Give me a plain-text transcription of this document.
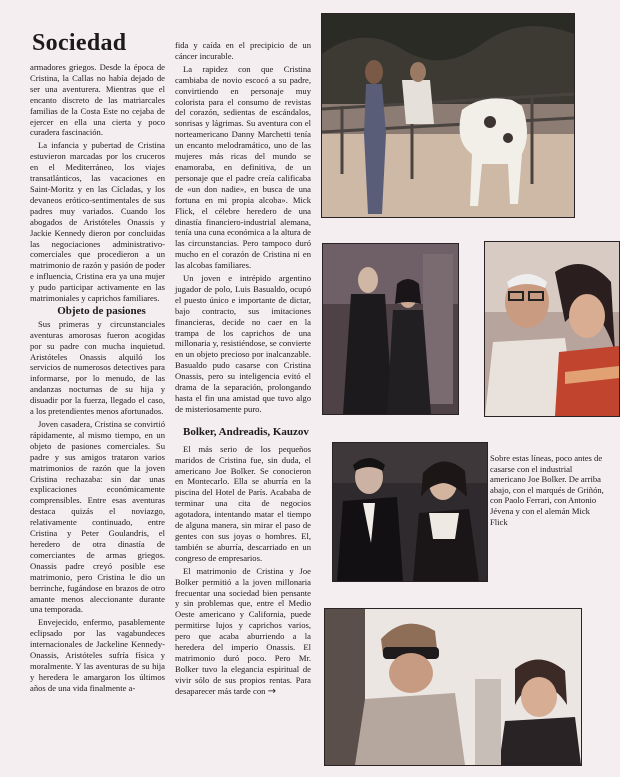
Sociedad

armadores griegos. Desde la época de Cristina, la Callas no había dejado de ser una aventurera. Mientras que el encanto discreto de las matriarcales familias de la Costa Este no cejaba de ejercer en ella una cierta y poco curadera fascinación.

La infancia y pubertad de Cristina estuvieron marcadas por los cruceros en el Mediterráneo, los viajes transatlánticos, las vacaciones en Saint-Moritz y en las Cícladas, y los devaneos erótico-sentimentales de sus padres muy variados. Cuando los abogados de Aristóteles Onassis y Jackie Kennedy dieron por concluidas las negociaciones administrativo-comerciales que procedieron a un matrimonio de razón y pasión de poder e influencia, Cristina era ya una mujer y pudo participar activamente en las matrimoniales y caprichos familiares.

Objeto de pasiones

Sus primeras y circunstanciales aventuras amorosas fueron acogidas por su padre con mucha inquietud. Aristóteles Onassis alquiló los servicios de numerosos detectives para informarse, por lo menudo, de las andanzas nocturnas de su hija y disuadir por la fuerza, llegado el caso, a los pretendientes menos afortunados.

Joven casadera, Cristina se convirtió rápidamente, al mismo tiempo, en un objeto de pasiones comerciales. Su padre y sus amigos trataron varios matrimonios de razón que la joven Cristina rechazaba: sin dar unas explicaciones económicamente comprensibles. Entre esas aventuras destaca quizás el noviazgo, relativamente continuado, entre Cristina y Peter Goulandris, el heredero de otra dinastía de comerciantes de armas griegos. Onassis padre creyó posible ese matrimonio, pero Cristina le dio un berrinche, fugándose en brazos de otro amante menos aleccionante durante una temporada.

Envejecido, enfermo, pasablemente eclipsado por las vagabundeces internacionales de Jackeline Kennedy-Onassis, Aristóteles sufría física y moralmente. Y las aventuras de su hija y heredera le amargaron los últimos años de una vida finalmente a-

fida y caída en el precipicio de un cáncer incurable.

La rapidez con que Cristina cambiaba de novio escocó a su padre, convirtiendo en personaje muy colorista para el consumo de revistas del corazón, sedientas de escándalos, sonrisas y lágrimas. Su aventura con el norteamericano Danny Marchetti tenía un encanto melodramático, uno de las mujeres más ricas del mundo se enamoraba, en definitiva, de un personaje que el padre creía calificaba de «un don nadie», en busca de una fortuna en mi propia alcoba». Mick Flick, el célebre heredero de una dinastía financiero-industrial alemana, tenía una cuna económica a la altura de las circunstancias. Pero tampoco duró mucho en el corazón de Cristina ni en las alcobas familiares.

Un joven e intrépido argentino jugador de polo, Luis Basualdo, ocupó el puesto único e importante de dictar, bajo contracto, sus imitaciones financieras, decide no caer en la trampa de los caprichos de una millonaria y, resistiéndose, se convierte en un objeto precioso por inalcanzable. Basualdo pudo casarse con Cristina Onassis, pero su inteligencia evitó el drama de la separación, prolongando hasta el fin una amistad que tuvo algo de misteriosamente puro.

Bolker, Andreadis, Kauzov

El más serio de los pequeños maridos de Cristina fue, sin duda, el americano Joe Bolker. Se conocieron en Montecarlo. Ella se aburría en la piscina del Hotel de París. Acababa de terminar una cita de negocios agotadora, intentando matar el tiempo de alguna manera, sin mirar el paso de gentes con sus joyas o hombres. El, también se aburría, descarriado en un congreso de empresarios.

El matrimonio de Cristina y Joe Bolker permitió a la joven millonaria frecuentar una sociedad bien pensante y sin problemas que, entre el Medio Oeste americano y California, puede permitirse lujos y caprichos varios, pero que acaba aburriendo a la heredera del imperio Onassis. El matrimonio duró poco. Pero Mr. Bolker tuvo la elegancia espiritual de vivir sólo de sus propios rentas. Para desaparecer más tarde con →

Sobre estas líneas, poco antes de casarse con el industrial americano Joe Bolker. De arriba abajo, con el marqués de Griñón, con Paolo Ferrari, con Antonio Jévena y con el alemán Mick Flick
